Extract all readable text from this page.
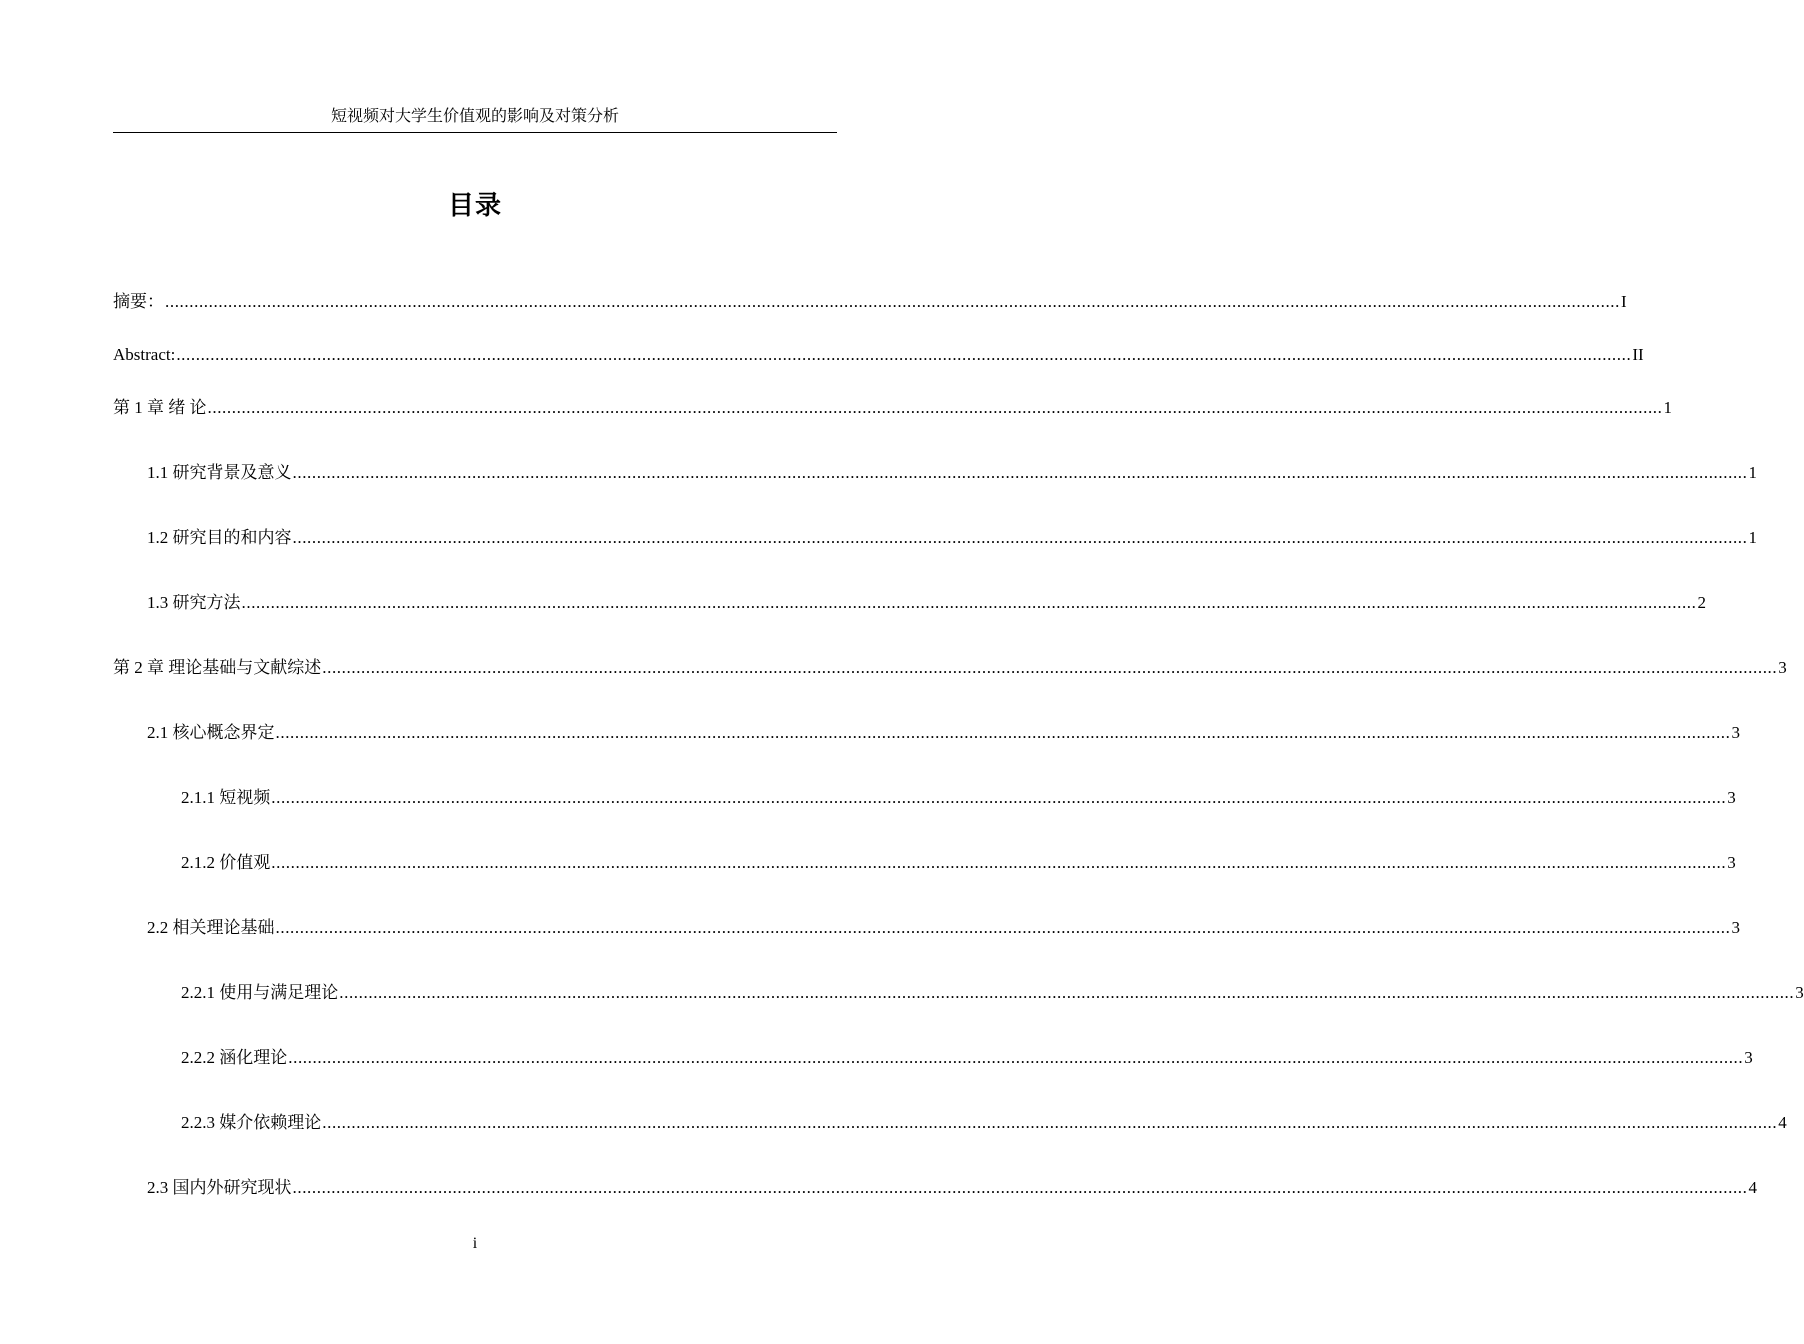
短视频对大学生价值观的影响及对策分析
目录
摘要： ............................................................................................................................................................................................................................................................................................................ I
Abstract: ............................................................................................................................................................................................................................................................................................................ II
第 1 章 绪 论 ............................................................................................................................................................................................................................................................................................................ 1
1.1 研究背景及意义 ............................................................................................................................................................................................................................................................................................................ 1
1.2 研究目的和内容 ............................................................................................................................................................................................................................................................................................................ 1
1.3 研究方法 ............................................................................................................................................................................................................................................................................................................ 2
第 2 章 理论基础与文献综述 ............................................................................................................................................................................................................................................................................................................ 3
2.1 核心概念界定 ............................................................................................................................................................................................................................................................................................................ 3
2.1.1 短视频 ............................................................................................................................................................................................................................................................................................................ 3
2.1.2 价值观 ............................................................................................................................................................................................................................................................................................................ 3
2.2 相关理论基础 ............................................................................................................................................................................................................................................................................................................ 3
2.2.1 使用与满足理论 ............................................................................................................................................................................................................................................................................................................ 3
2.2.2 涵化理论 ............................................................................................................................................................................................................................................................................................................ 3
2.2.3 媒介依赖理论 ............................................................................................................................................................................................................................................................................................................ 4
2.3 国内外研究现状 ............................................................................................................................................................................................................................................................................................................ 4
i
